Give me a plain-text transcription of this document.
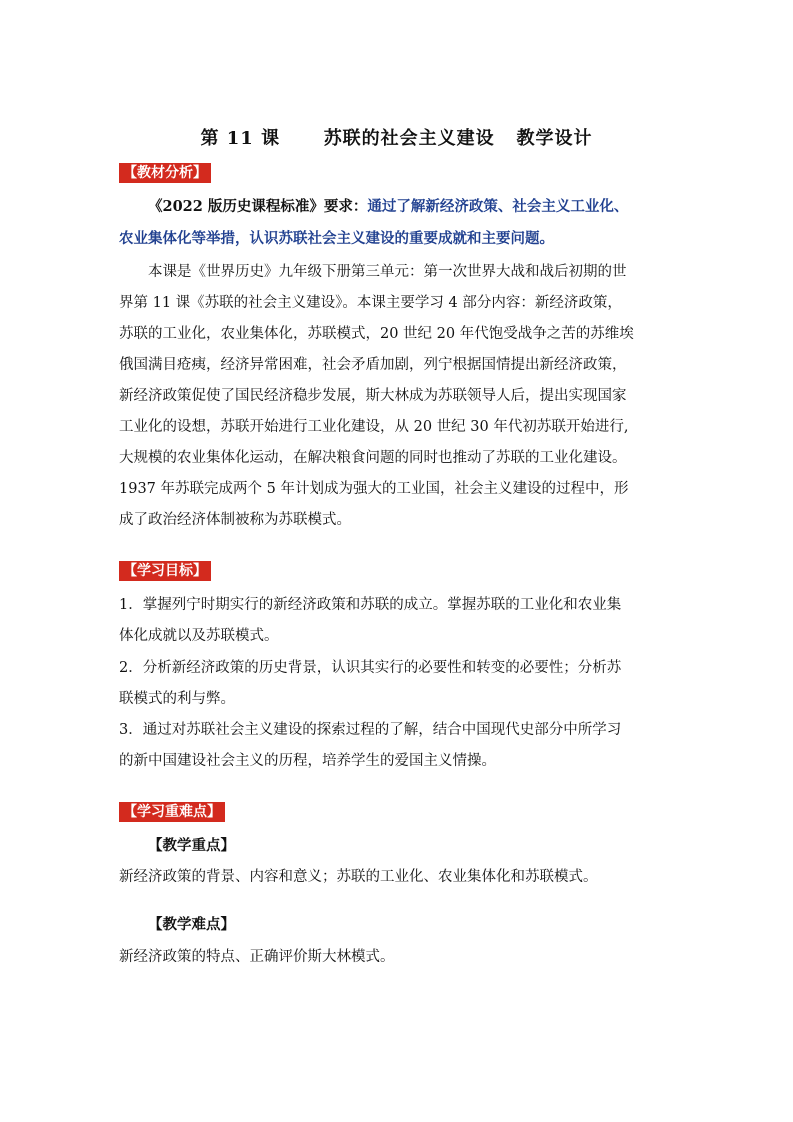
第 11 课 苏联的社会主义建设 教学设计
【教材分析】
《2022 版历史课程标准》要求：通过了解新经济政策、社会主义工业化、
农业集体化等举措，认识苏联社会主义建设的重要成就和主要问题。
本课是《世界历史》九年级下册第三单元：第一次世界大战和战后初期的世
界第 11 课《苏联的社会主义建设》。本课主要学习 4 部分内容：新经济政策，
苏联的工业化，农业集体化，苏联模式，20 世纪 20 年代饱受战争之苦的苏维埃
俄国满目疮痍，经济异常困难，社会矛盾加剧，列宁根据国情提出新经济政策，
新经济政策促使了国民经济稳步发展，斯大林成为苏联领导人后，提出实现国家
工业化的设想，苏联开始进行工业化建设，从 20 世纪 30 年代初苏联开始进行,
大规模的农业集体化运动，在解决粮食问题的同时也推动了苏联的工业化建设。
1937 年苏联完成两个 5 年计划成为强大的工业国，社会主义建设的过程中，形
成了政治经济体制被称为苏联模式。
【学习目标】
1．掌握列宁时期实行的新经济政策和苏联的成立。掌握苏联的工业化和农业集
体化成就以及苏联模式。
2．分析新经济政策的历史背景，认识其实行的必要性和转变的必要性；分析苏
联模式的利与弊。
3．通过对苏联社会主义建设的探索过程的了解，结合中国现代史部分中所学习
的新中国建设社会主义的历程，培养学生的爱国主义情操。
【学习重难点】
【教学重点】
新经济政策的背景、内容和意义；苏联的工业化、农业集体化和苏联模式。
【教学难点】
新经济政策的特点、正确评价斯大林模式。
